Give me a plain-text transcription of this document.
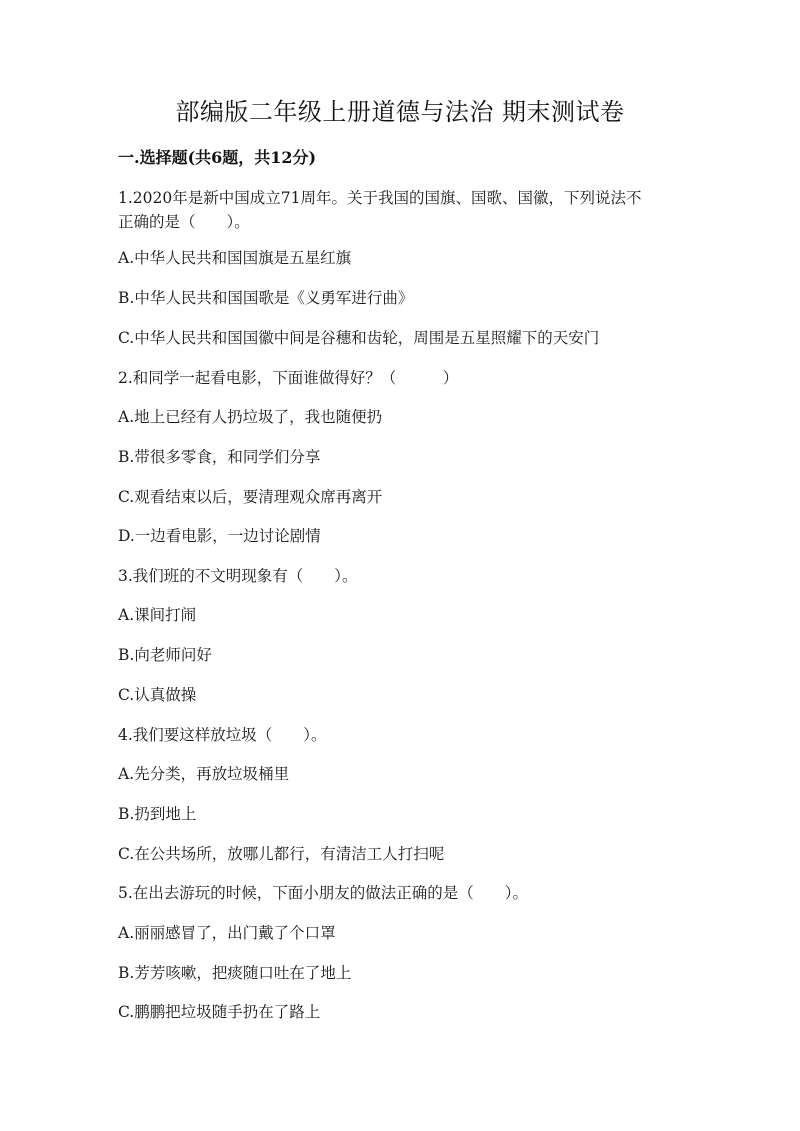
部编版二年级上册道德与法治 期末测试卷
一.选择题(共6题，共12分)
1.2020年是新中国成立71周年。关于我国的国旗、国歌、国徽，下列说法不
正确的是（　　）。
A.中华人民共和国国旗是五星红旗
B.中华人民共和国国歌是《义勇军进行曲》
C.中华人民共和国国徽中间是谷穗和齿轮，周围是五星照耀下的天安门
2.和同学一起看电影，下面谁做得好？（　　　）
A.地上已经有人扔垃圾了，我也随便扔
B.带很多零食，和同学们分享
C.观看结束以后，要清理观众席再离开
D.一边看电影，一边讨论剧情
3.我们班的不文明现象有（　　）。
A.课间打闹
B.向老师问好
C.认真做操
4.我们要这样放垃圾（　　）。
A.先分类，再放垃圾桶里
B.扔到地上
C.在公共场所，放哪儿都行，有清洁工人打扫呢
5.在出去游玩的时候，下面小朋友的做法正确的是（　　）。
A.丽丽感冒了，出门戴了个口罩
B.芳芳咳嗽，把痰随口吐在了地上
C.鹏鹏把垃圾随手扔在了路上
